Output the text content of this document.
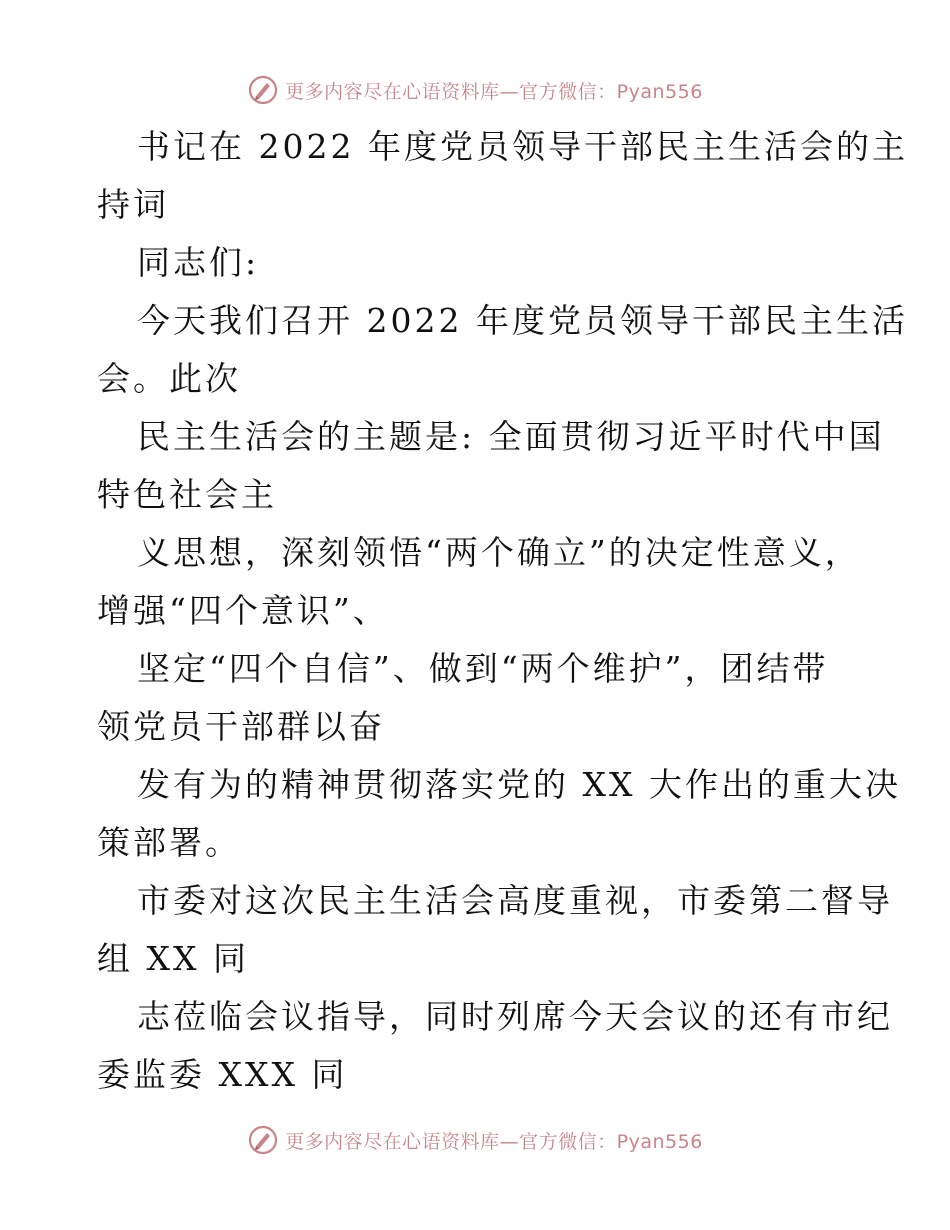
更多内容尽在心语资料库—官方微信：Pyan556

书记在 2022 年度党员领导干部民主生活会的主
持词

同志们:

今天我们召开 2022 年度党员领导干部民主生活
会。此次

民主生活会的主题是: 全面贯彻习近平时代中国
特色社会主

义思想，深刻领悟“两个确立”的决定性意义，
增强“四个意识”、

坚定“四个自信”、做到“两个维护”，团结带
领党员干部群以奋

发有为的精神贯彻落实党的 XX 大作出的重大决
策部署。

市委对这次民主生活会高度重视，市委第二督导
组 XX 同

志莅临会议指导，同时列席今天会议的还有市纪
委监委 XXX 同

更多内容尽在心语资料库—官方微信：Pyan556
